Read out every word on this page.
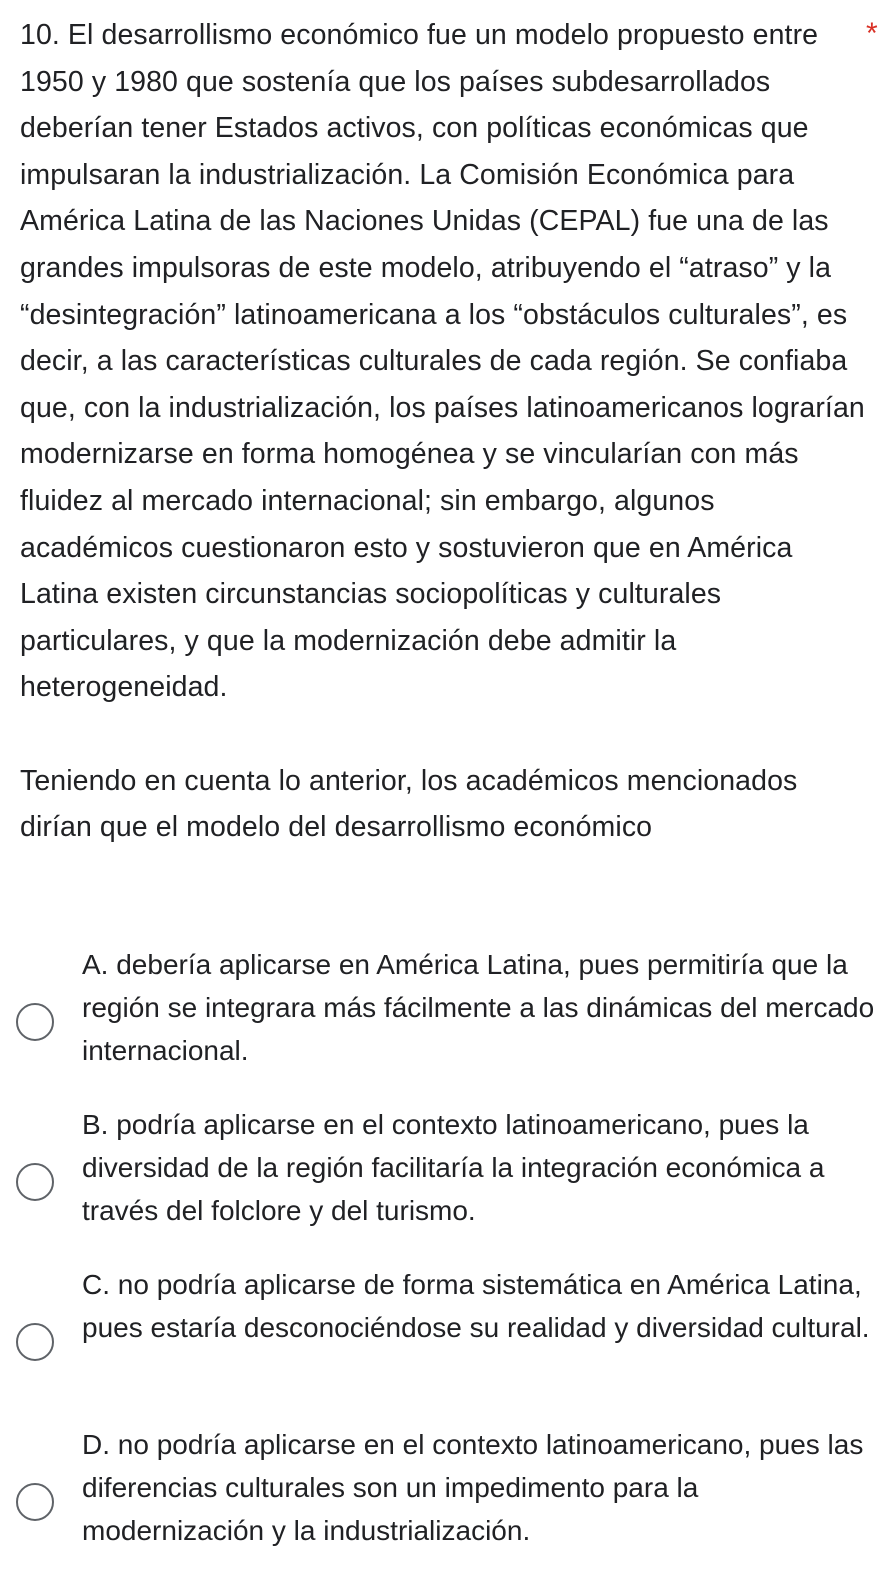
10. El desarrollismo económico fue un modelo propuesto entre 1950 y 1980 que sostenía que los países subdesarrollados deberían tener Estados activos, con políticas económicas que impulsaran la industrialización. La Comisión Económica para América Latina de las Naciones Unidas (CEPAL) fue una de las grandes impulsoras de este modelo, atribuyendo el “atraso” y la “desintegración” latinoamericana a los “obstáculos culturales”, es decir, a las características culturales de cada región. Se confiaba que, con la industrialización, los países latinoamericanos lograrían modernizarse en forma homogénea y se vincularían con más fluidez al mercado internacional; sin embargo, algunos académicos cuestionaron esto y sostuvieron que en América Latina existen circunstancias sociopolíticas y culturales particulares, y que la modernización debe admitir la heterogeneidad.

Teniendo en cuenta lo anterior, los académicos mencionados dirían que el modelo del desarrollismo económico

*
A. debería aplicarse en América Latina, pues permitiría que la región se integrara más fácilmente a las dinámicas del mercado internacional.
B. podría aplicarse en el contexto latinoamericano, pues la diversidad de la región facilitaría la integración económica a través del folclore y del turismo.
C. no podría aplicarse de forma sistemática en América Latina, pues estaría desconociéndose su realidad y diversidad cultural.
D. no podría aplicarse en el contexto latinoamericano, pues las diferencias culturales son un impedimento para la modernización y la industrialización.
